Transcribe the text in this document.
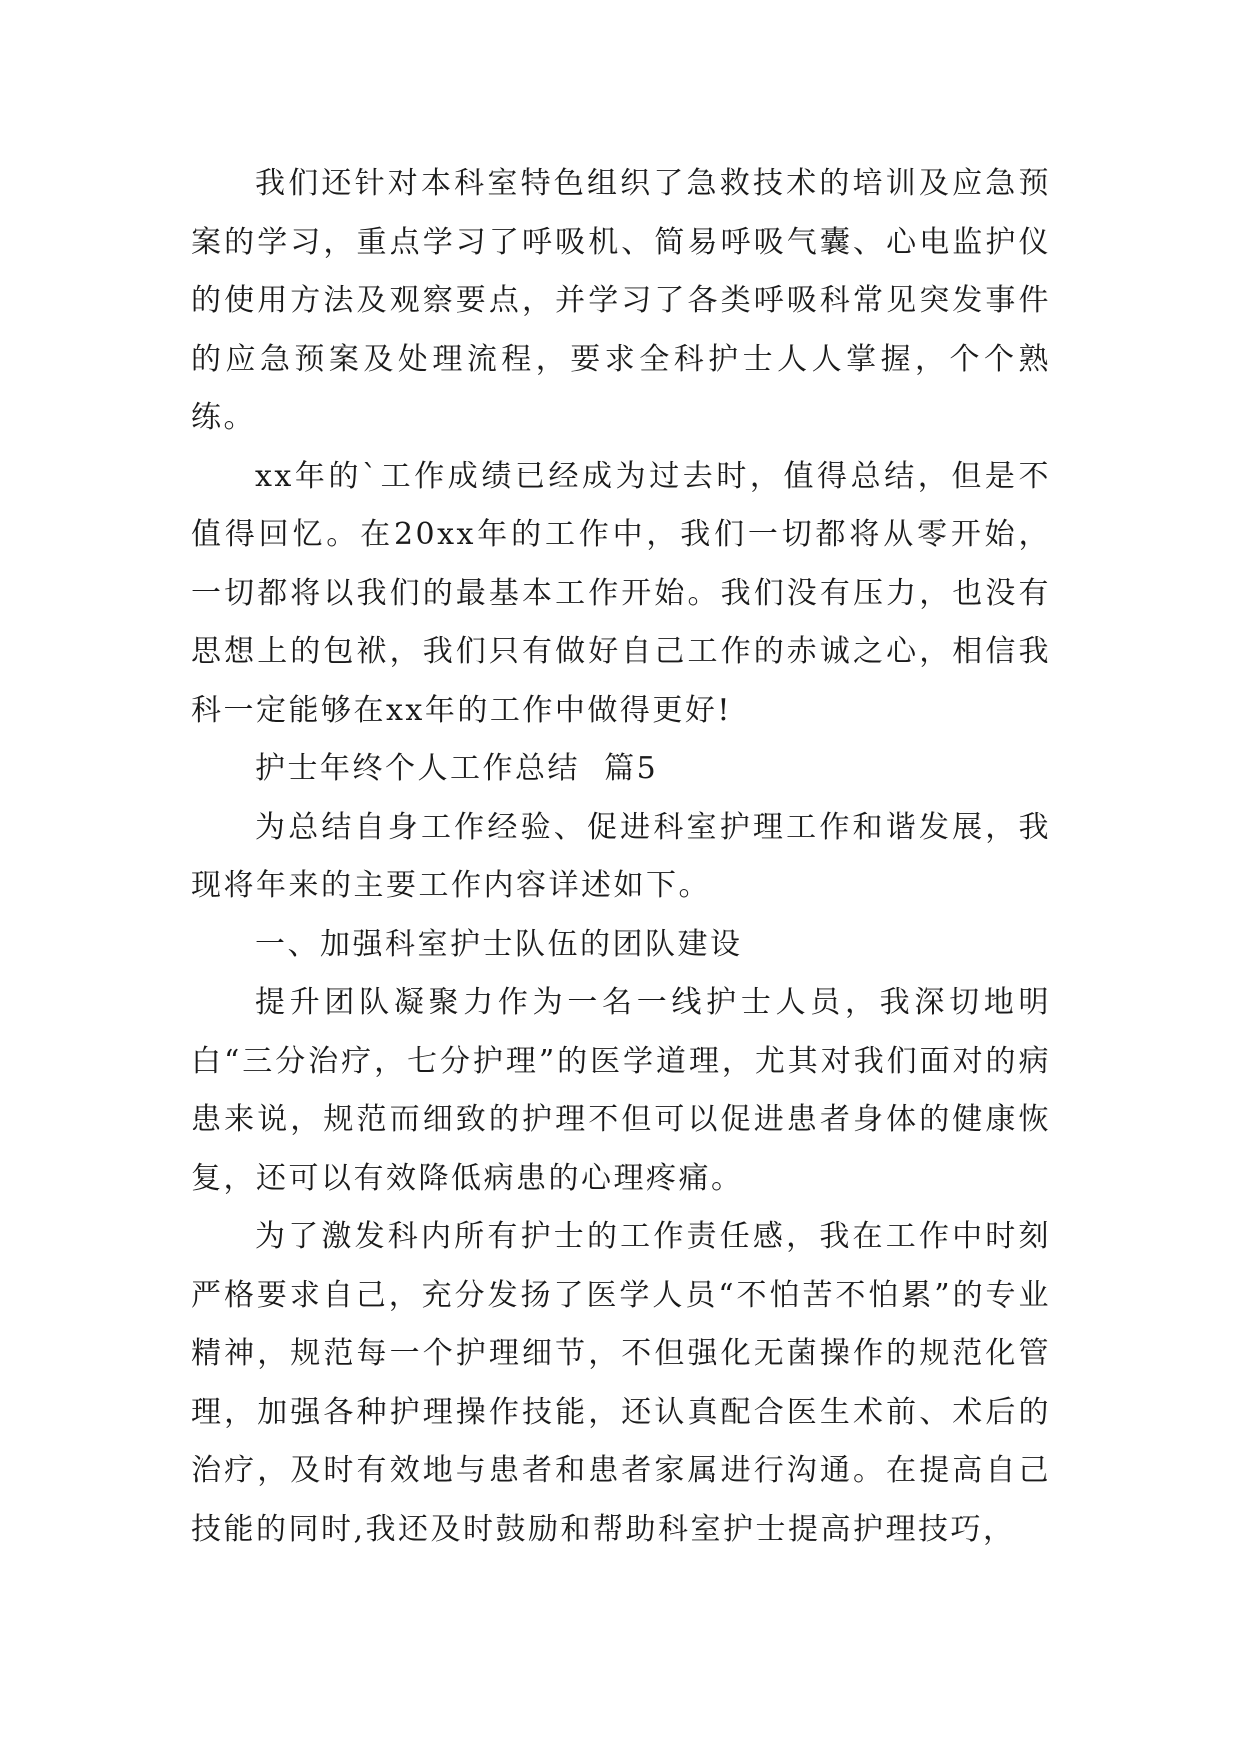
我们还针对本科室特色组织了急救技术的培训及应急预案的学习，重点学习了呼吸机、简易呼吸气囊、心电监护仪的使用方法及观察要点，并学习了各类呼吸科常见突发事件的应急预案及处理流程，要求全科护士人人掌握，个个熟练。

xx年的`工作成绩已经成为过去时，值得总结，但是不值得回忆。在20xx年的工作中，我们一切都将从零开始，一切都将以我们的最基本工作开始。我们没有压力，也没有思想上的包袱，我们只有做好自己工作的赤诚之心，相信我科一定能够在xx年的工作中做得更好!

护士年终个人工作总结  篇5

为总结自身工作经验、促进科室护理工作和谐发展，我现将年来的主要工作内容详述如下。

一、加强科室护士队伍的团队建设

提升团队凝聚力作为一名一线护士人员，我深切地明白“三分治疗，七分护理”的医学道理，尤其对我们面对的病患来说，规范而细致的护理不但可以促进患者身体的健康恢复，还可以有效降低病患的心理疼痛。

为了激发科内所有护士的工作责任感，我在工作中时刻严格要求自己，充分发扬了医学人员“不怕苦不怕累”的专业精神，规范每一个护理细节，不但强化无菌操作的规范化管理，加强各种护理操作技能，还认真配合医生术前、术后的治疗，及时有效地与患者和患者家属进行沟通。在提高自己技能的同时,我还及时鼓励和帮助科室护士提高护理技巧，
